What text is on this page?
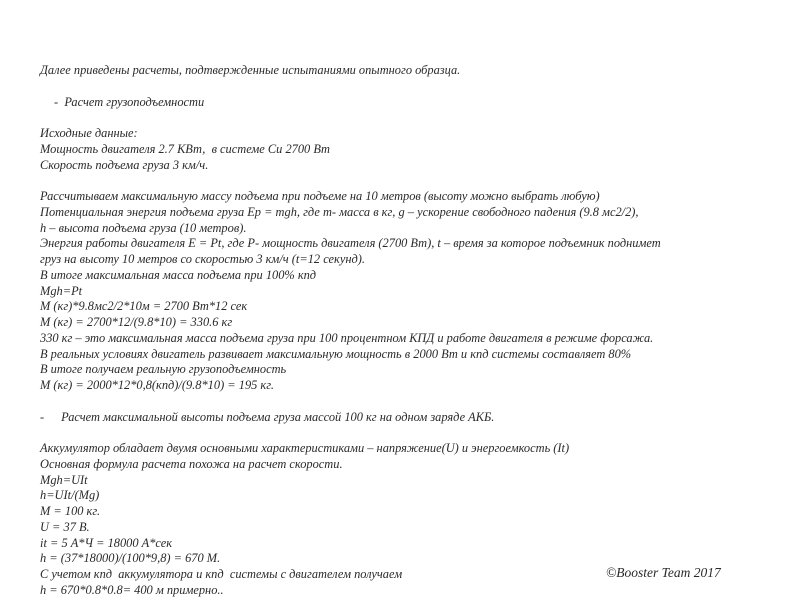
Далее приведены расчеты, подтвержденные испытаниями опытного образца.
-  Расчет грузоподъемности
Исходные данные:
Мощность двигателя 2.7 КВт,  в системе Си 2700 Вт
Скорость подъема груза 3 км/ч.
Рассчитываем максимальную массу подъема при подъеме на 10 метров (высоту можно выбрать любую)
Потенциальная энергия подъема груза Ep = mgh, где m- масса в кг, g – ускорение свободного падения (9.8 мс2/2),
h – высота подъема груза (10 метров).
Энергия работы двигателя E = Pt, где P- мощность двигателя (2700 Вт), t – время за которое подъемник поднимет
груз на высоту 10 метров со скоростью 3 км/ч (t=12 секунд).
В итоге максимальная масса подъема при 100% кпд
Mgh=Pt
M (кг)*9.8мс2/2*10м = 2700 Вт*12 сек
M (кг) = 2700*12/(9.8*10) = 330.6 кг
330 кг – это максимальная масса подъема груза при 100 процентном КПД и работе двигателя в режиме форсажа.
В реальных условиях двигатель развивает максимальную мощность в 2000 Вт и кпд системы составляет 80%
В итоге получаем реальную грузоподъемность
M (кг) = 2000*12*0,8(кпд)/(9.8*10) = 195 кг.
- Расчет максимальной высоты подъема груза массой 100 кг на одном заряде АКБ.
Аккумулятор обладает двумя основными характеристиками – напряжение(U) и энергоемкость (It)
Основная формула расчета похожа на расчет скорости.
Mgh=UIt
h=UIt/(Mg)
M = 100 кг.
U = 37 В.
it = 5 А*Ч = 18000 А*сек
h = (37*18000)/(100*9,8) = 670 М.
С учетом кпд  аккумулятора и кпд  системы с двигателем получаем
h = 670*0.8*0.8= 400 м примерно..
©Booster Team 2017
